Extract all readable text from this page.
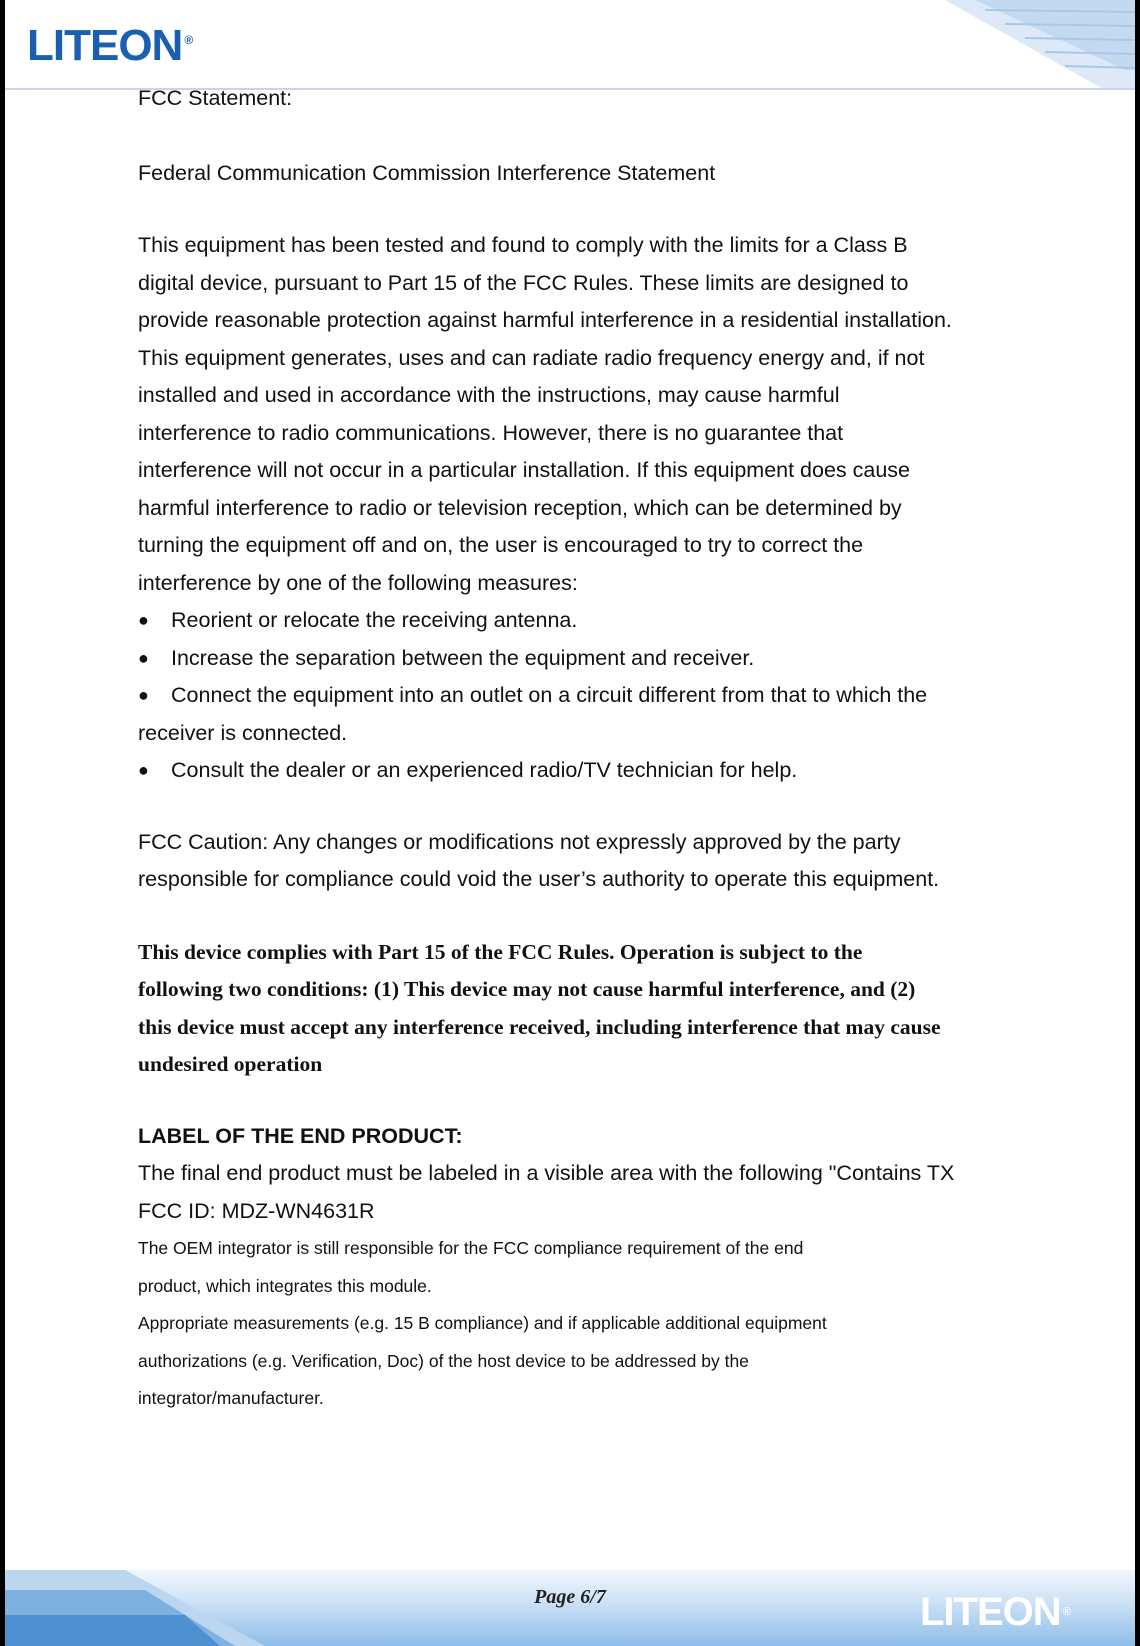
LITEON ®

FCC Statement:

Federal Communication Commission Interference Statement

This equipment has been tested and found to comply with the limits for a Class B

digital device, pursuant to Part 15 of the FCC Rules. These limits are designed to

provide reasonable protection against harmful interference in a residential installation.

This equipment generates, uses and can radiate radio frequency energy and, if not

installed and used in accordance with the instructions, may cause harmful

interference to radio communications. However, there is no guarantee that

interference will not occur in a particular installation. If this equipment does cause

harmful interference to radio or television reception, which can be determined by

turning the equipment off and on, the user is encouraged to try to correct the

interference by one of the following measures:

●	Reorient or relocate the receiving antenna.
●	Increase the separation between the equipment and receiver.
●	Connect the equipment into an outlet on a circuit different from that to which the

receiver is connected.

●	Consult the dealer or an experienced radio/TV technician for help.

FCC Caution: Any changes or modifications not expressly approved by the party

responsible for compliance could void the user’s authority to operate this equipment.

This device complies with Part 15 of the FCC Rules. Operation is subject to the

following two conditions: (1) This device may not cause harmful interference, and (2)

this device must accept any interference received, including interference that may cause

undesired operation

LABEL OF THE END PRODUCT:

The final end product must be labeled in a visible area with the following "Contains TX

FCC ID: MDZ-WN4631R

The OEM integrator is still responsible for the FCC compliance requirement of the end

product, which integrates this module.

Appropriate measurements (e.g. 15 B compliance) and if applicable additional equipment

authorizations (e.g. Verification, Doc) of the host device to be addressed by the

integrator/manufacturer.

Page 6/7	LITEON ®
